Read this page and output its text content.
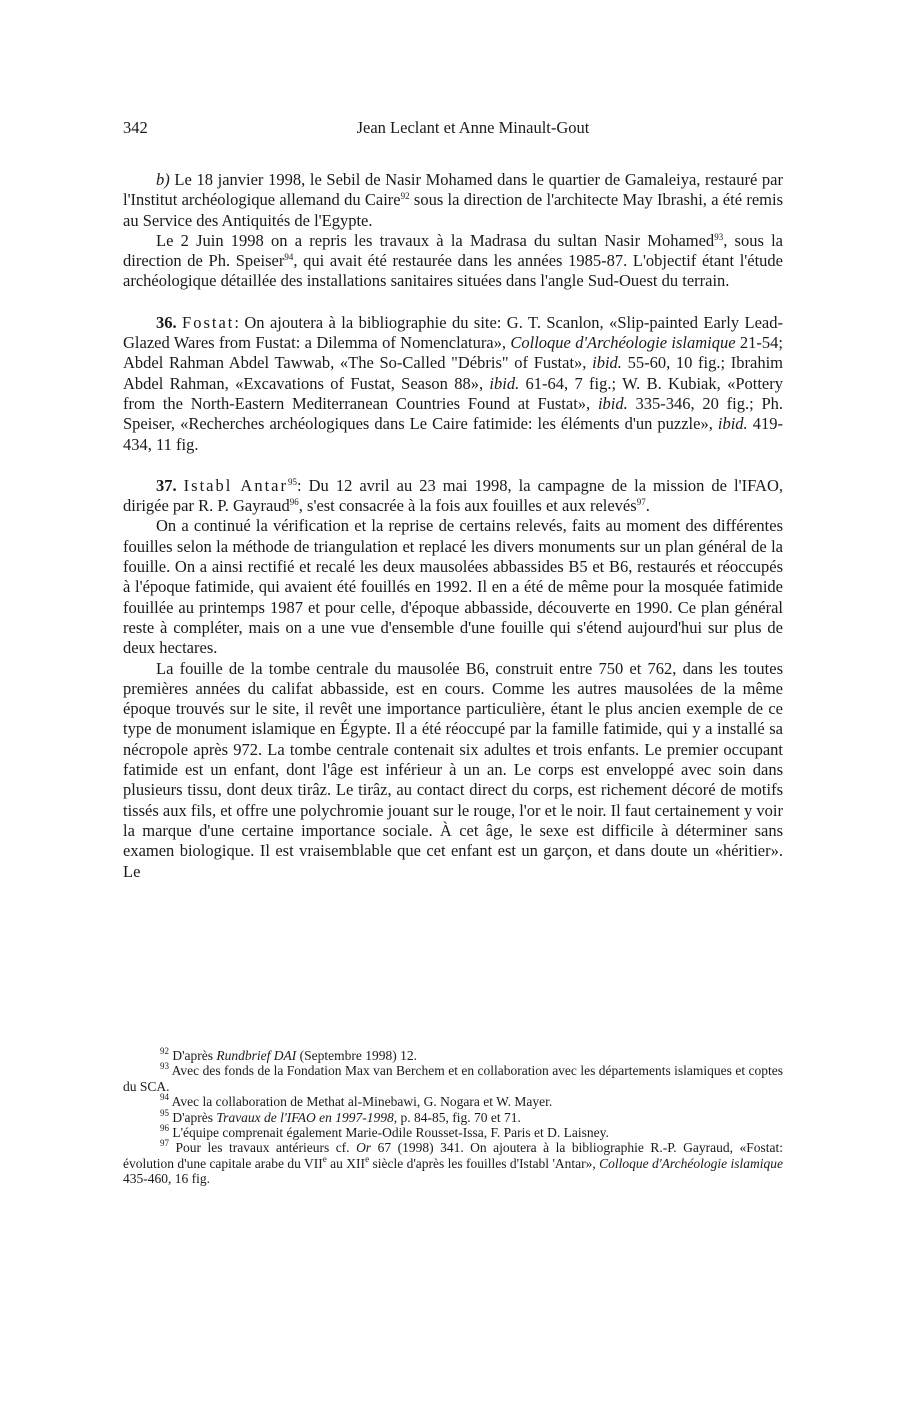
342	Jean Leclant et Anne Minault-Gout

b) Le 18 janvier 1998, le Sebil de Nasir Mohamed dans le quartier de Gamaleiya, restauré par l'Institut archéologique allemand du Caire$^{92}$ sous la direction de l'architecte May Ibrashi, a été remis au Service des Antiquités de l'Egypte.

Le 2 Juin 1998 on a repris les travaux à la Madrasa du sultan Nasir Mohamed$^{93}$, sous la direction de Ph. Speiser$^{94}$, qui avait été restaurée dans les années 1985-87. L'objectif étant l'étude archéologique détaillée des installations sanitaires situées dans l'angle Sud-Ouest du terrain.

36. Fostat: On ajoutera à la bibliographie du site: G. T. Scanlon, «Slip-painted Early Lead-Glazed Wares from Fustat: a Dilemma of Nomenclatura», Colloque d'Archéologie islamique 21-54; Abdel Rahman Abdel Tawwab, «The So-Called "Débris" of Fustat», ibid. 55-60, 10 fig.; Ibrahim Abdel Rahman, «Excavations of Fustat, Season 88», ibid. 61-64, 7 fig.; W. B. Kubiak, «Pottery from the North-Eastern Mediterranean Countries Found at Fustat», ibid. 335-346, 20 fig.; Ph. Speiser, «Recherches archéologiques dans Le Caire fatimide: les éléments d'un puzzle», ibid. 419-434, 11 fig.

37. Istabl Antar$^{95}$: Du 12 avril au 23 mai 1998, la campagne de la mission de l'IFAO, dirigée par R. P. Gayraud$^{96}$, s'est consacrée à la fois aux fouilles et aux relevés$^{97}$.

On a continué la vérification et la reprise de certains relevés, faits au moment des différentes fouilles selon la méthode de triangulation et replacé les divers monuments sur un plan général de la fouille. On a ainsi rectifié et recalé les deux mausolées abbassides B5 et B6, restaurés et réoccupés à l'époque fatimide, qui avaient été fouillés en 1992. Il en a été de même pour la mosquée fatimide fouillée au printemps 1987 et pour celle, d'époque abbasside, découverte en 1990. Ce plan général reste à compléter, mais on a une vue d'ensemble d'une fouille qui s'étend aujourd'hui sur plus de deux hectares.

La fouille de la tombe centrale du mausolée B6, construit entre 750 et 762, dans les toutes premières années du califat abbasside, est en cours. Comme les autres mausolées de la même époque trouvés sur le site, il revêt une importance particulière, étant le plus ancien exemple de ce type de monument islamique en Égypte. Il a été réoccupé par la famille fatimide, qui y a installé sa nécropole après 972. La tombe centrale contenait six adultes et trois enfants. Le premier occupant fatimide est un enfant, dont l'âge est inférieur à un an. Le corps est enveloppé avec soin dans plusieurs tissu, dont deux tirâz. Le tirâz, au contact direct du corps, est richement décoré de motifs tissés aux fils, et offre une polychromie jouant sur le rouge, l'or et le noir. Il faut certainement y voir la marque d'une certaine importance sociale. À cet âge, le sexe est difficile à déterminer sans examen biologique. Il est vraisemblable que cet enfant est un garçon, et dans doute un «héritier». Le

$^{92}$ D'après Rundbrief DAI (Septembre 1998) 12.

$^{93}$ Avec des fonds de la Fondation Max van Berchem et en collaboration avec les départements islamiques et coptes du SCA.

$^{94}$ Avec la collaboration de Methat al-Minebawi, G. Nogara et W. Mayer.

$^{95}$ D'après Travaux de l'IFAO en 1997-1998, p. 84-85, fig. 70 et 71.

$^{96}$ L'équipe comprenait également Marie-Odile Rousset-Issa, F. Paris et D. Laisney.

$^{97}$ Pour les travaux antérieurs cf. Or 67 (1998) 341. On ajoutera à la bibliographie R.-P. Gayraud, «Fostat: évolution d'une capitale arabe du VIIe au XIIe siècle d'après les fouilles d'Istabl 'Antar», Colloque d'Archéologie islamique 435-460, 16 fig.
